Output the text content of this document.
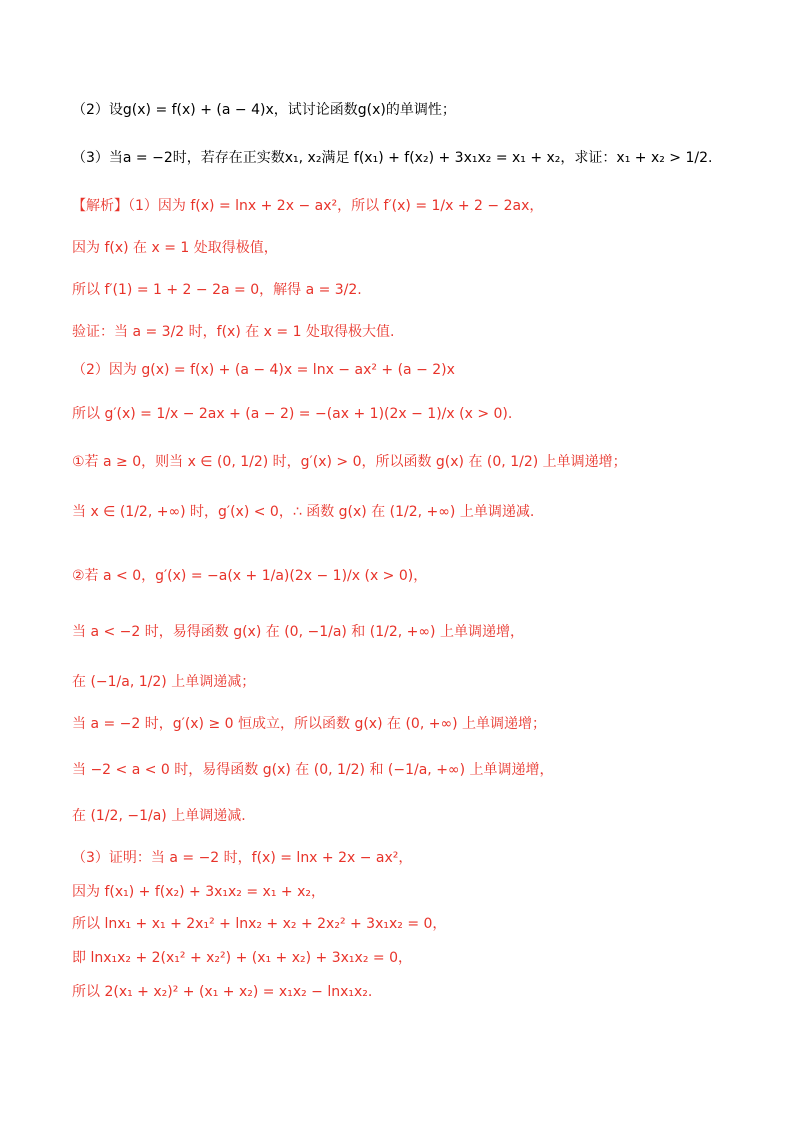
（2）设g(x) = f(x) + (a − 4)x，试讨论函数g(x)的单调性；
（3）当a = −2时，若存在正实数x₁, x₂满足 f(x₁) + f(x₂) + 3x₁x₂ = x₁ + x₂，求证：x₁ + x₂ > 1/2.
【解析】（1）因为 f(x) = lnx + 2x − ax²，所以 f′(x) = 1/x + 2 − 2ax，
因为 f(x) 在 x = 1 处取得极值，
所以 f′(1) = 1 + 2 − 2a = 0，解得 a = 3/2.
验证：当 a = 3/2 时，f(x) 在 x = 1 处取得极大值.
（2）因为 g(x) = f(x) + (a − 4)x = lnx − ax² + (a − 2)x
所以 g′(x) = 1/x − 2ax + (a − 2) = −(ax + 1)(2x − 1)/x (x > 0).
①若 a ≥ 0，则当 x ∈ (0, 1/2) 时，g′(x) > 0，所以函数 g(x) 在 (0, 1/2) 上单调递增；
当 x ∈ (1/2, +∞) 时，g′(x) < 0，∴ 函数 g(x) 在 (1/2, +∞) 上单调递减.
②若 a < 0，g′(x) = −a(x + 1/a)(2x − 1)/x (x > 0)，
当 a < −2 时，易得函数 g(x) 在 (0, −1/a) 和 (1/2, +∞) 上单调递增，
在 (−1/a, 1/2) 上单调递减；
当 a = −2 时，g′(x) ≥ 0 恒成立，所以函数 g(x) 在 (0, +∞) 上单调递增；
当 −2 < a < 0 时，易得函数 g(x) 在 (0, 1/2) 和 (−1/a, +∞) 上单调递增，
在 (1/2, −1/a) 上单调递减.
（3）证明：当 a = −2 时，f(x) = lnx + 2x − ax²，
因为 f(x₁) + f(x₂) + 3x₁x₂ = x₁ + x₂，
所以 lnx₁ + x₁ + 2x₁² + lnx₂ + x₂ + 2x₂² + 3x₁x₂ = 0，
即 lnx₁x₂ + 2(x₁² + x₂²) + (x₁ + x₂) + 3x₁x₂ = 0，
所以 2(x₁ + x₂)² + (x₁ + x₂) = x₁x₂ − lnx₁x₂.
